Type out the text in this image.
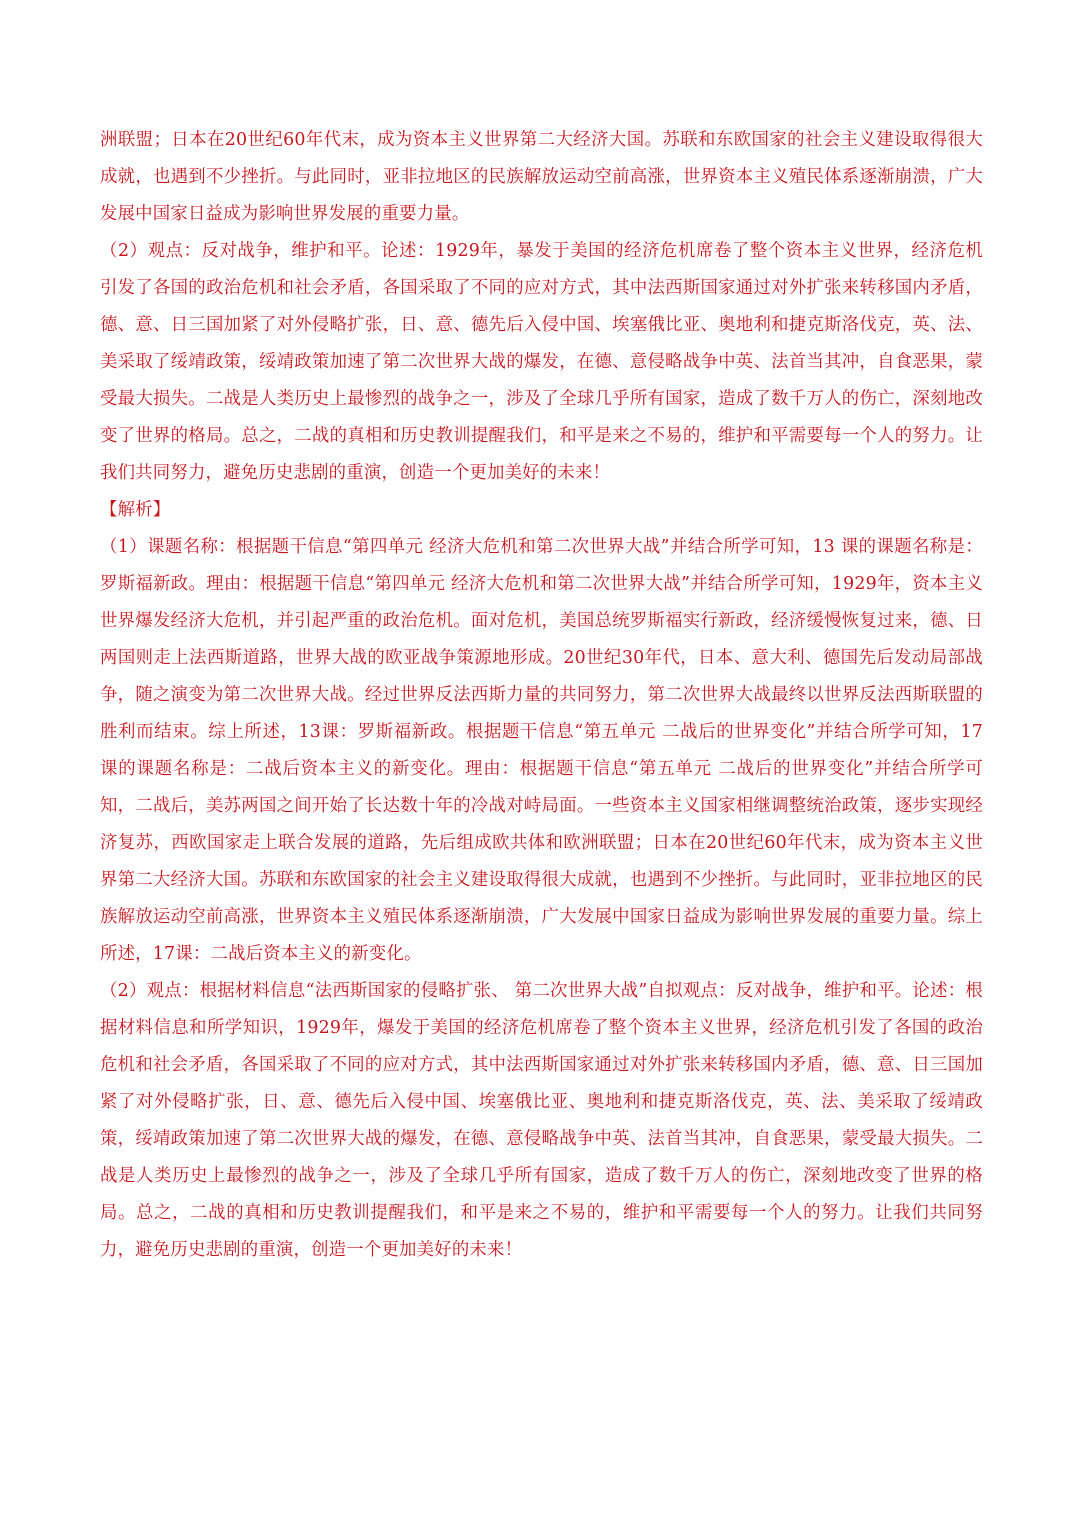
洲联盟；日本在20世纪60年代末，成为资本主义世界第二大经济大国。苏联和东欧国家的社会主义建设取得很大成就，也遇到不少挫折。与此同时，亚非拉地区的民族解放运动空前高涨，世界资本主义殖民体系逐渐崩溃，广大发展中国家日益成为影响世界发展的重要力量。

（2）观点：反对战争，维护和平。论述：1929年，暴发于美国的经济危机席卷了整个资本主义世界，经济危机引发了各国的政治危机和社会矛盾，各国采取了不同的应对方式，其中法西斯国家通过对外扩张来转移国内矛盾，德、意、日三国加紧了对外侵略扩张，日、意、德先后入侵中国、埃塞俄比亚、奥地利和捷克斯洛伐克，英、法、美采取了绥靖政策，绥靖政策加速了第二次世界大战的爆发，在德、意侵略战争中英、法首当其冲，自食恶果，蒙受最大损失。二战是人类历史上最惨烈的战争之一，涉及了全球几乎所有国家，造成了数千万人的伤亡，深刻地改变了世界的格局。总之，二战的真相和历史教训提醒我们，和平是来之不易的，维护和平需要每一个人的努力。让我们共同努力，避免历史悲剧的重演，创造一个更加美好的未来！

【解析】

（1）课题名称：根据题干信息“第四单元 经济大危机和第二次世界大战”并结合所学可知，13 课的课题名称是：罗斯福新政。理由：根据题干信息“第四单元 经济大危机和第二次世界大战”并结合所学可知，1929年，资本主义世界爆发经济大危机，并引起严重的政治危机。面对危机，美国总统罗斯福实行新政，经济缓慢恢复过来，德、日两国则走上法西斯道路，世界大战的欧亚战争策源地形成。20世纪30年代，日本、意大利、德国先后发动局部战争，随之演变为第二次世界大战。经过世界反法西斯力量的共同努力，第二次世界大战最终以世界反法西斯联盟的胜利而结束。综上所述，13课：罗斯福新政。根据题干信息“第五单元 二战后的世界变化”并结合所学可知，17 课的课题名称是：二战后资本主义的新变化。理由：根据题干信息“第五单元 二战后的世界变化”并结合所学可知，二战后，美苏两国之间开始了长达数十年的冷战对峙局面。一些资本主义国家相继调整统治政策，逐步实现经济复苏，西欧国家走上联合发展的道路，先后组成欧共体和欧洲联盟；日本在20世纪60年代末，成为资本主义世界第二大经济大国。苏联和东欧国家的社会主义建设取得很大成就，也遇到不少挫折。与此同时，亚非拉地区的民族解放运动空前高涨，世界资本主义殖民体系逐渐崩溃，广大发展中国家日益成为影响世界发展的重要力量。综上所述，17课：二战后资本主义的新变化。

（2）观点：根据材料信息“法西斯国家的侵略扩张、 第二次世界大战”自拟观点：反对战争，维护和平。论述：根据材料信息和所学知识，1929年，爆发于美国的经济危机席卷了整个资本主义世界，经济危机引发了各国的政治危机和社会矛盾，各国采取了不同的应对方式，其中法西斯国家通过对外扩张来转移国内矛盾，德、意、日三国加紧了对外侵略扩张，日、意、德先后入侵中国、埃塞俄比亚、奥地利和捷克斯洛伐克，英、法、美采取了绥靖政策，绥靖政策加速了第二次世界大战的爆发，在德、意侵略战争中英、法首当其冲，自食恶果，蒙受最大损失。二战是人类历史上最惨烈的战争之一，涉及了全球几乎所有国家，造成了数千万人的伤亡，深刻地改变了世界的格局。总之，二战的真相和历史教训提醒我们，和平是来之不易的，维护和平需要每一个人的努力。让我们共同努力，避免历史悲剧的重演，创造一个更加美好的未来！
